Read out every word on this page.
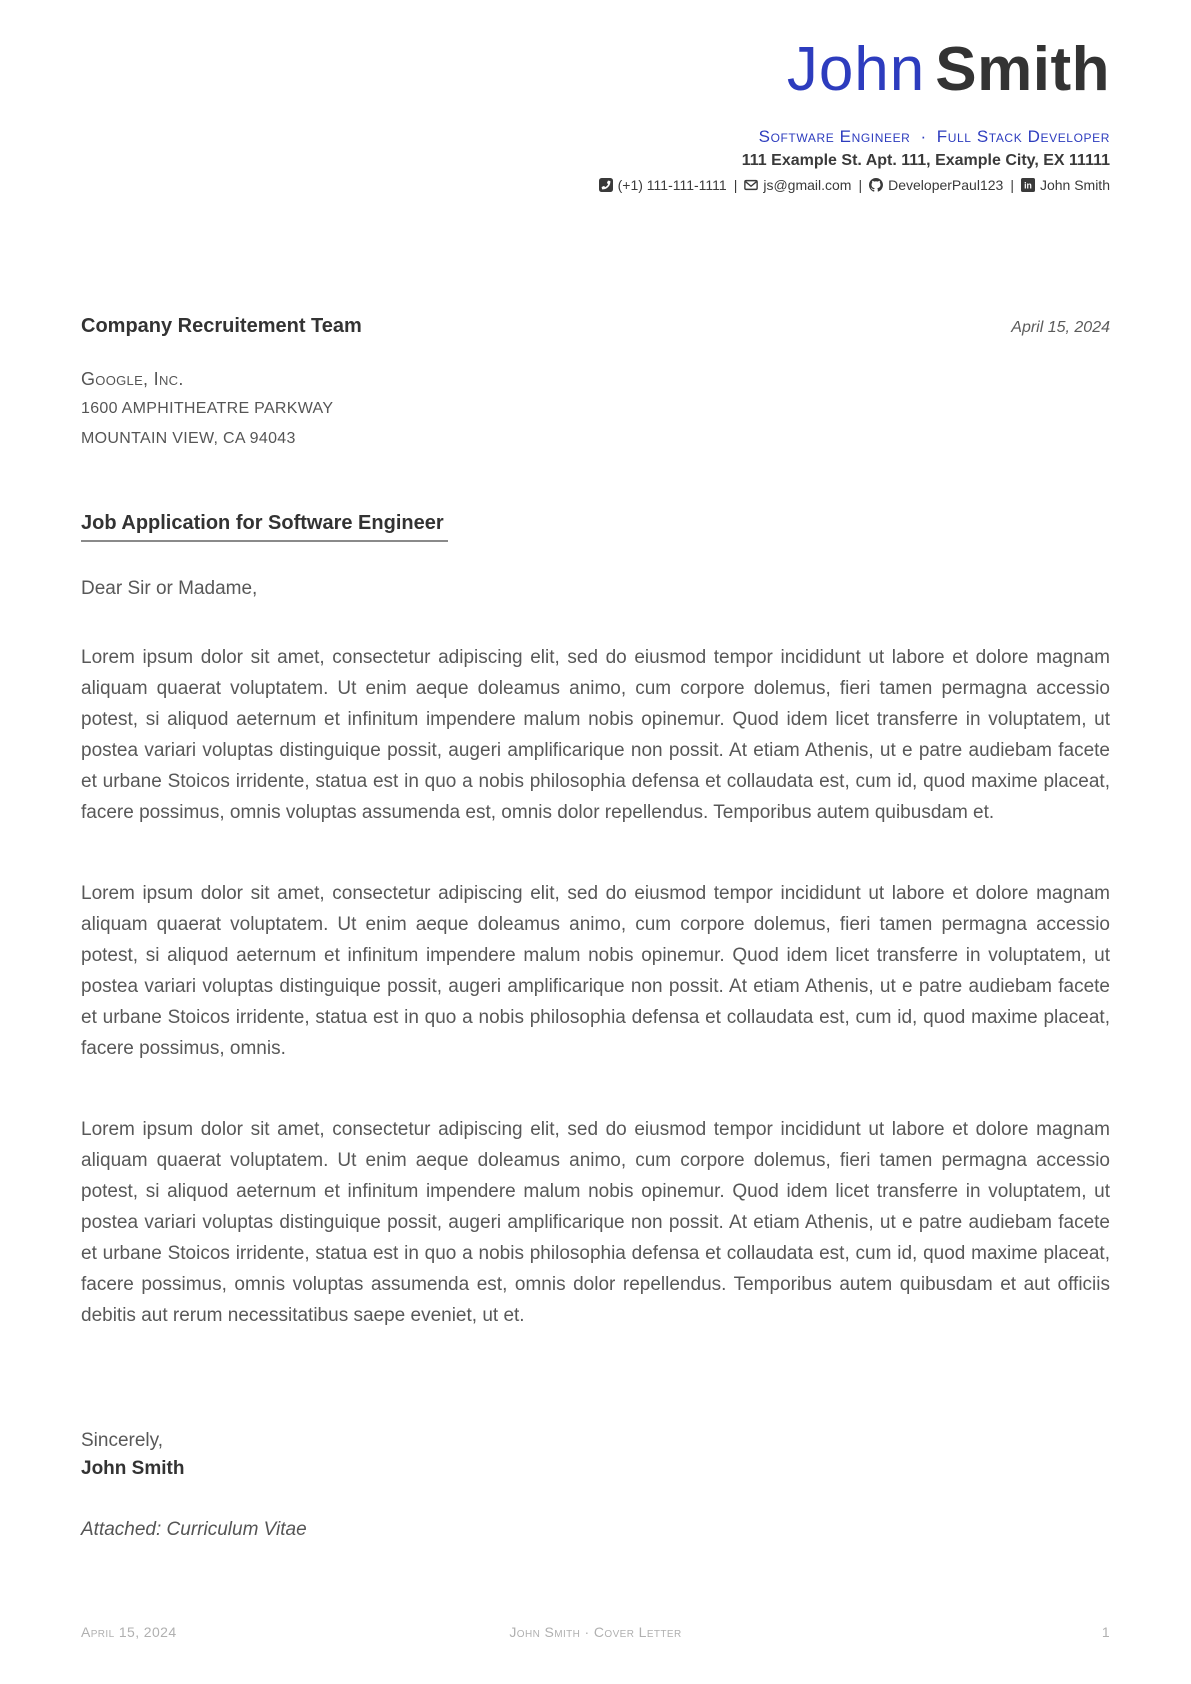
John Smith
Software Engineer · Full Stack Developer
111 Example St. Apt. 111, Example City, EX 11111
(+1) 111-111-1111 | js@gmail.com | DeveloperPaul123 | in John Smith
Company Recruitement Team	April 15, 2024
Google, Inc.
1600 AMPHITHEATRE PARKWAY
MOUNTAIN VIEW, CA 94043
Job Application for Software Engineer
Dear Sir or Madame,

Lorem ipsum dolor sit amet, consectetur adipiscing elit, sed do eiusmod tempor incididunt ut labore et dolore magnam aliquam quaerat voluptatem. Ut enim aeque doleamus animo, cum corpore dolemus, fieri tamen permagna accessio potest, si aliquod aeternum et infinitum impendere malum nobis opinemur. Quod idem licet transferre in voluptatem, ut postea variari voluptas distinguique possit, augeri amplificarique non possit. At etiam Athenis, ut e patre audiebam facete et urbane Stoicos irridente, statua est in quo a nobis philosophia defensa et collaudata est, cum id, quod maxime placeat, facere possimus, omnis voluptas assumenda est, omnis dolor repellendus. Temporibus autem quibusdam et.

Lorem ipsum dolor sit amet, consectetur adipiscing elit, sed do eiusmod tempor incididunt ut labore et dolore magnam aliquam quaerat voluptatem. Ut enim aeque doleamus animo, cum corpore dolemus, fieri tamen permagna accessio potest, si aliquod aeternum et infinitum impendere malum nobis opinemur. Quod idem licet transferre in voluptatem, ut postea variari voluptas distinguique possit, augeri amplificarique non possit. At etiam Athenis, ut e patre audiebam facete et urbane Stoicos irridente, statua est in quo a nobis philosophia defensa et collaudata est, cum id, quod maxime placeat, facere possimus, omnis.

Lorem ipsum dolor sit amet, consectetur adipiscing elit, sed do eiusmod tempor incididunt ut labore et dolore magnam aliquam quaerat voluptatem. Ut enim aeque doleamus animo, cum corpore dolemus, fieri tamen permagna accessio potest, si aliquod aeternum et infinitum impendere malum nobis opinemur. Quod idem licet transferre in voluptatem, ut postea variari voluptas distinguique possit, augeri amplificarique non possit. At etiam Athenis, ut e patre audiebam facete et urbane Stoicos irridente, statua est in quo a nobis philosophia defensa et collaudata est, cum id, quod maxime placeat, facere possimus, omnis voluptas assumenda est, omnis dolor repellendus. Temporibus autem quibusdam et aut officiis debitis aut rerum necessitatibus saepe eveniet, ut et.

Sincerely,
John Smith
Attached: Curriculum Vitae
April 15, 2024	John Smith · Cover Letter	1
